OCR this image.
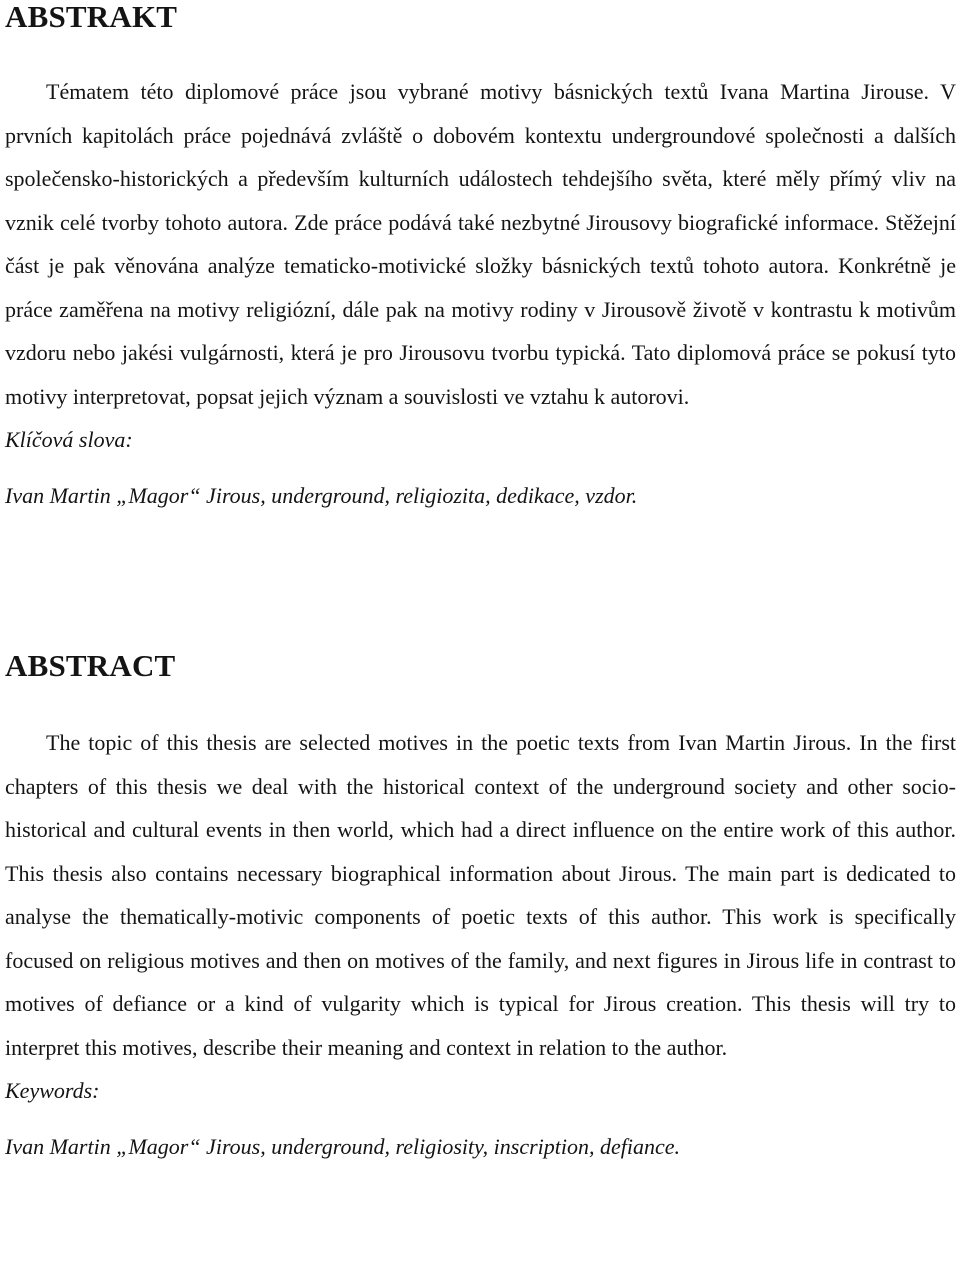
ABSTRAKT

Tématem této diplomové práce jsou vybrané motivy básnických textů Ivana Martina Jirouse. V prvních kapitolách práce pojednává zvláště o dobovém kontextu undergroundové společnosti a dalších společensko-historických a především kulturních událostech tehdejšího světa, které měly přímý vliv na vznik celé tvorby tohoto autora. Zde práce podává také nezbytné Jirousovy biografické informace. Stěžejní část je pak věnována analýze tematicko-motivické složky básnických textů tohoto autora. Konkrétně je práce zaměřena na motivy religiózní, dále pak na motivy rodiny v Jirousově životě v kontrastu k motivům vzdoru nebo jakési vulgárnosti, která je pro Jirousovu tvorbu typická. Tato diplomová práce se pokusí tyto motivy interpretovat, popsat jejich význam a souvislosti ve vztahu k autorovi.

Klíčová slova:

Ivan Martin „Magor“ Jirous, underground, religiozita, dedikace, vzdor.

ABSTRACT

The topic of this thesis are selected motives in the poetic texts from Ivan Martin Jirous. In the first chapters of this thesis we deal with the historical context of the underground society and other socio-historical and cultural events in then world, which had a direct influence on the entire work of this author. This thesis also contains necessary biographical information about Jirous. The main part is dedicated to analyse the thematically-motivic components of poetic texts of this author. This work is specifically focused on religious motives and then on motives of the family, and next figures in Jirous life in contrast to motives of defiance or a kind of vulgarity which is typical for Jirous creation. This thesis will try to interpret this motives, describe their meaning and context in relation to the author.

Keywords:

Ivan Martin „Magor“ Jirous, underground, religiosity, inscription, defiance.
